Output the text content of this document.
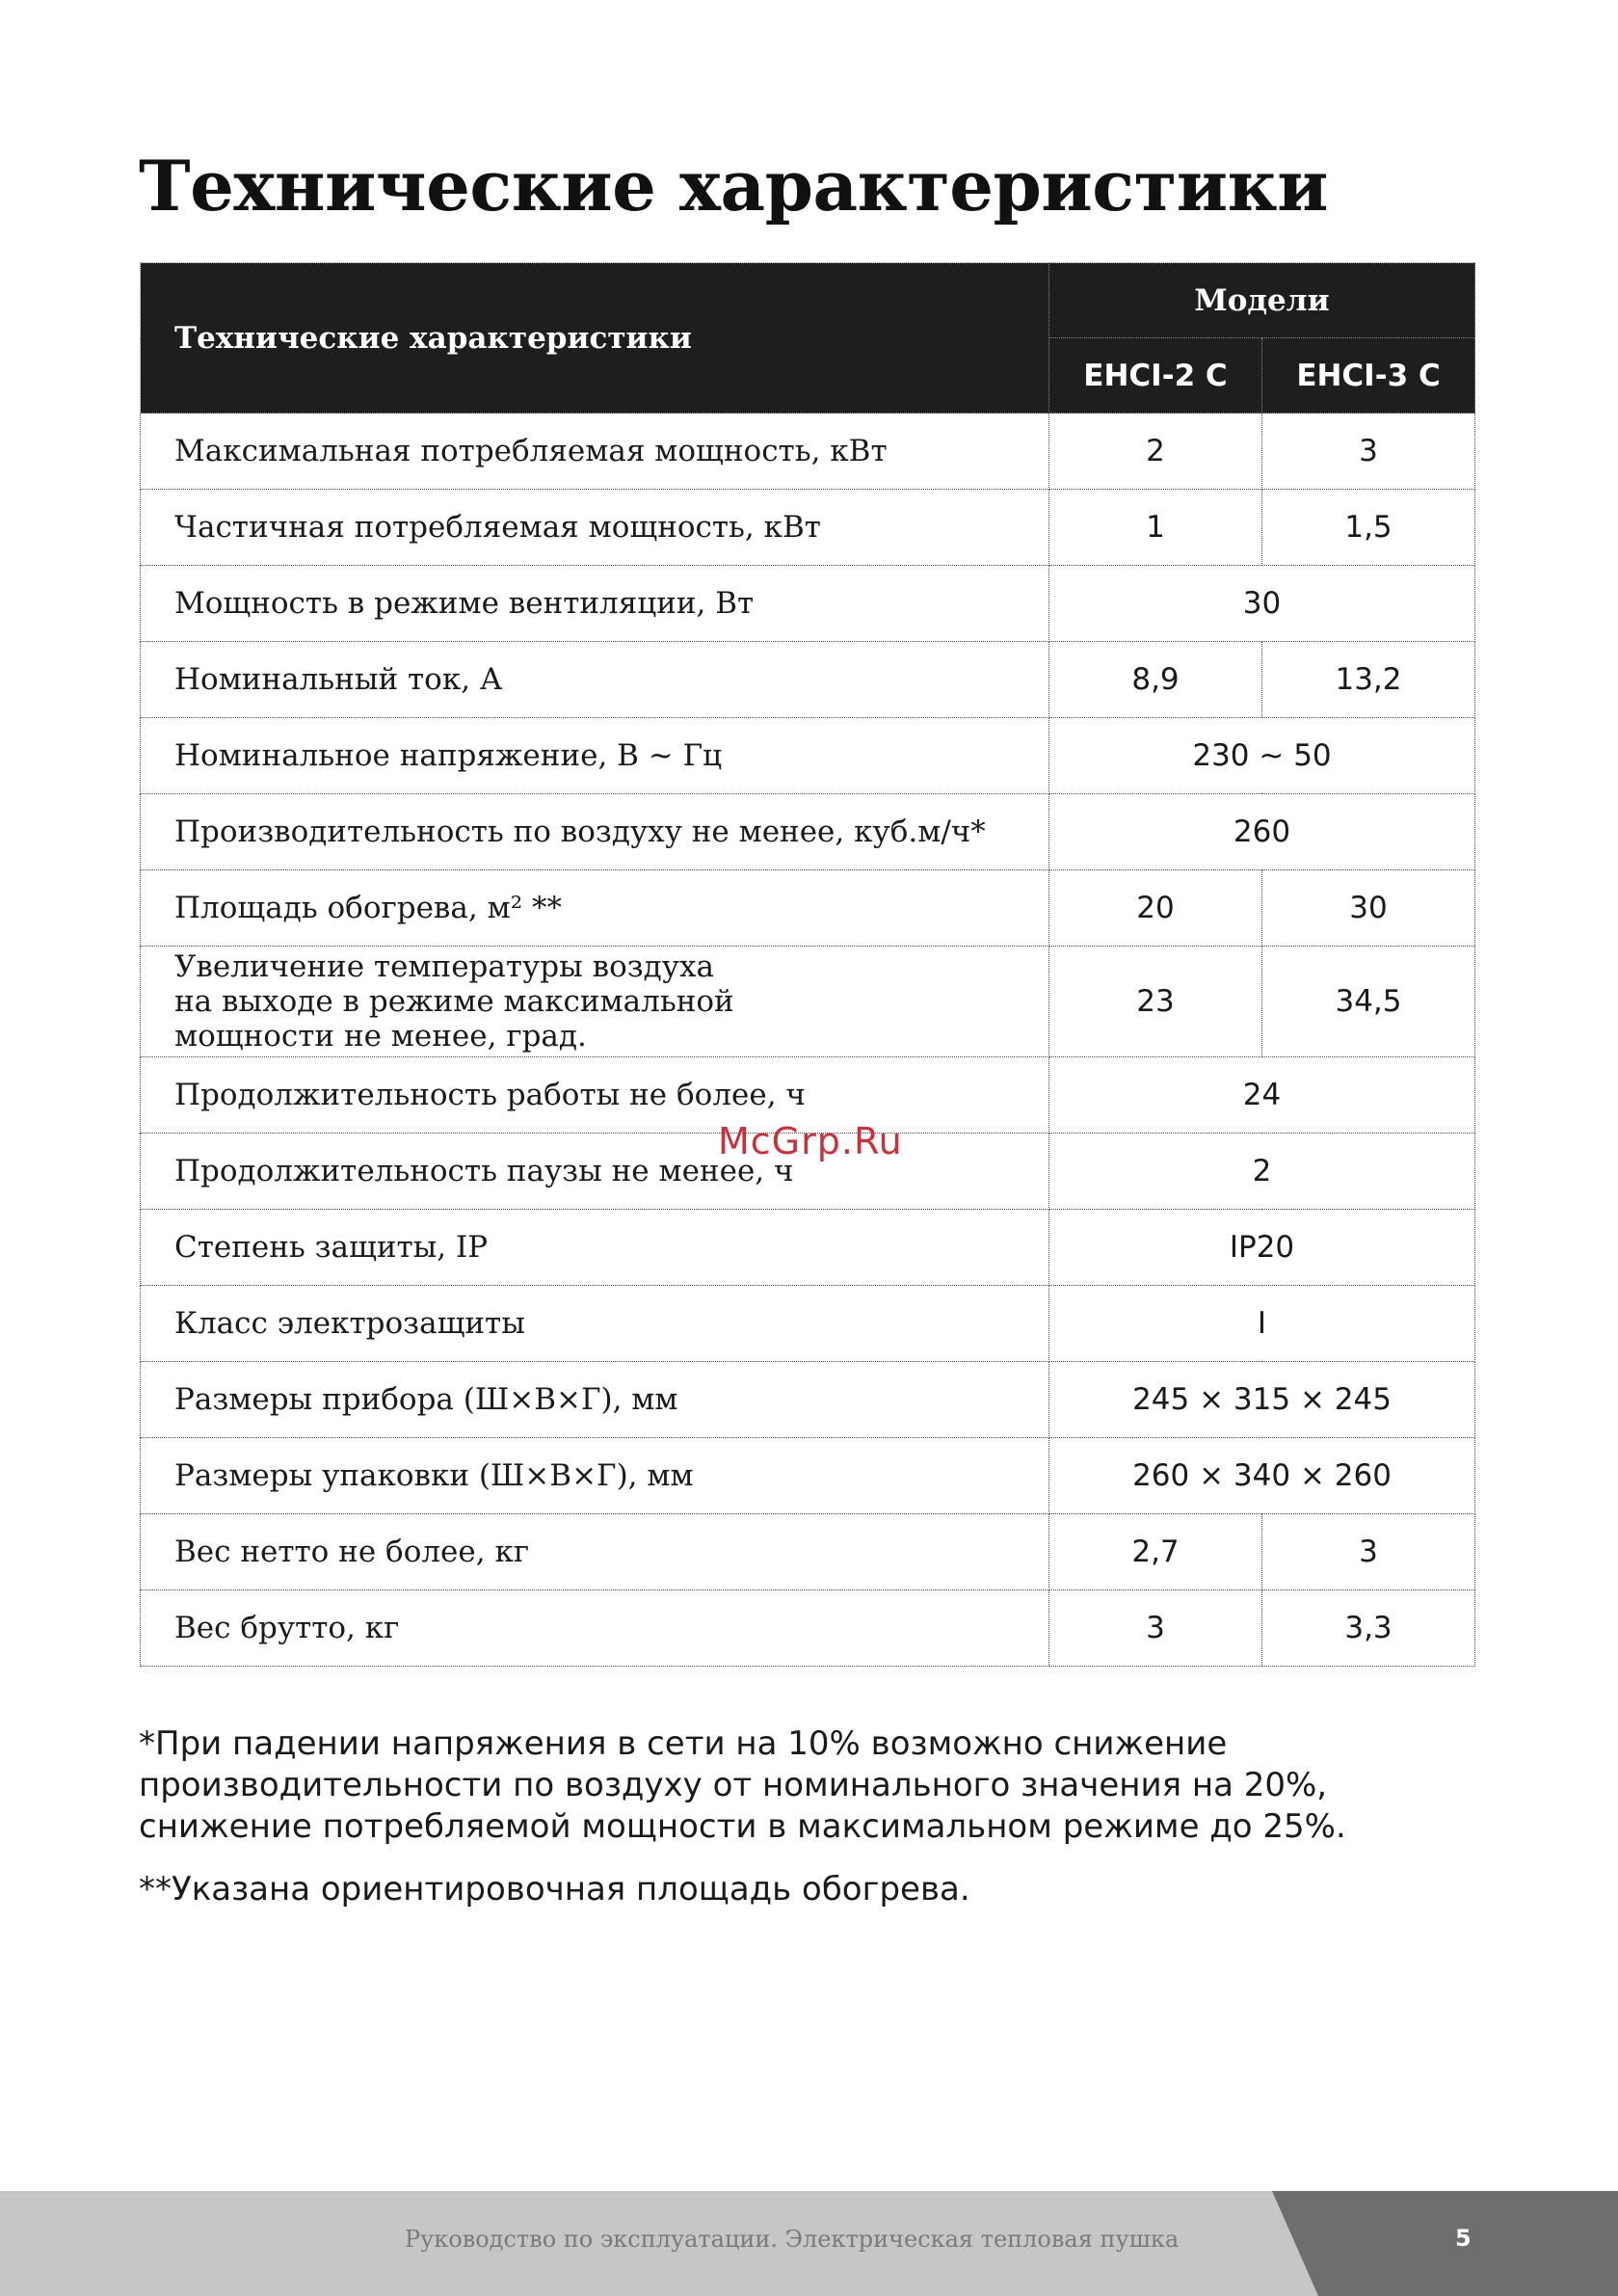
Технические характеристики
Технические характеристики	Модели	
	EHCI-2 C	EHCI-3 C
Максимальная потребляемая мощность, кВт	2	3
Частичная потребляемая мощность, кВт	1	1,5
Мощность в режиме вентиляции, Вт	30	
Номинальный ток, А	8,9	13,2
Номинальное напряжение, В ~ Гц	230 ~ 50	
Производительность по воздуху не менее, куб.м/ч*	260	
Площадь обогрева, м² **	20	30
Увеличение температуры воздуха на выходе в режиме максимальной мощности не менее, град.	23	34,5
Продолжительность работы не более, ч	24	
Продолжительность паузы не менее, ч	2	
Степень защиты, IP	IP20	
Класс электрозащиты	I	
Размеры прибора (Ш×В×Г), мм	245 × 315 × 245	
Размеры упаковки (Ш×В×Г), мм	260 × 340 × 260	
Вес нетто не более, кг	2,7	3
Вес брутто, кг	3	3,3
McGrp.Ru

*При падении напряжения в сети на 10% возможно снижение производительности по воздуху от номинального значения на 20%, снижение потребляемой мощности в максимальном режиме до 25%.

**Указана ориентировочная площадь обогрева.

Руководство по эксплуатации. Электрическая тепловая пушка	5
